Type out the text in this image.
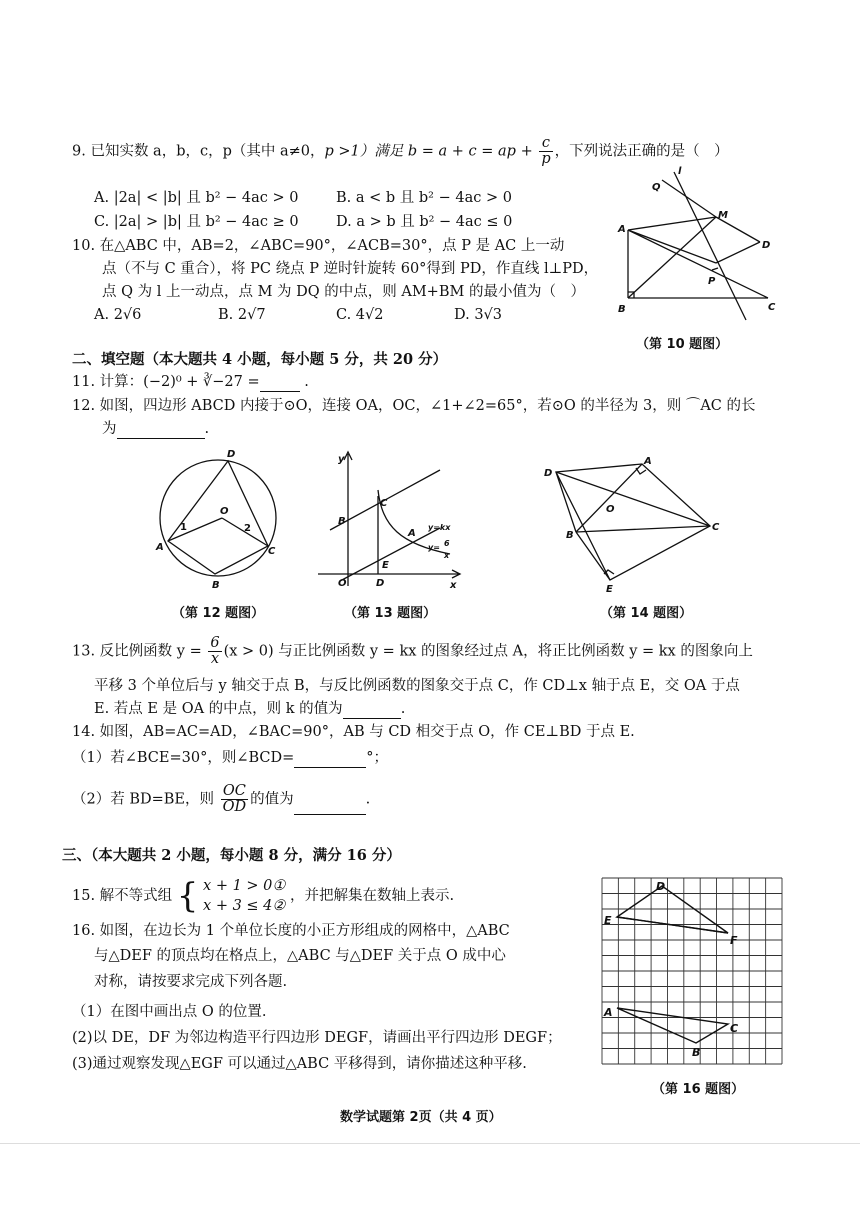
9. 已知实数 a，b，c，p（其中 a≠0，p >1）满足 b = a + c = ap + $\frac{c}{p}$ ，下列说法正确的是（　）
A. |2a| < |b| 且 b² − 4ac > 0	B. a < b 且 b² − 4ac > 0
C. |2a| > |b| 且 b² − 4ac ≥ 0	D. a > b 且 b² − 4ac ≤ 0
10. 在△ABC 中，AB=2，∠ABC=90°，∠ACB=30°，点 P 是 AC 上一动
点（不与 C 重合），将 PC 绕点 P 逆时针旋转 60°得到 PD，作直线 l⊥PD，
点 Q 为 l 上一动点，点 M 为 DQ 的中点，则 AM+BM 的最小值为（　）
A. 2√6	B. 2√7	C. 4√2	D. 3√3
l
Q
M
A
D
P
B	C
（第 10 题图）
二、填空题（本大题共 4 小题，每小题 5 分，共 20 分）
11. 计算：(−2)⁰ + ∛−27 =	.
12. 如图，四边形 ABCD 内接于⊙O，连接 OA，OC，∠1+∠2=65°，若⊙O 的半径为 3，则 ⌒AC 的长
为	.
D
O
1	2
A	C
B
（第 12 题图）
y
C
B
y=kx
A
y= 6
x
E
O	D	x
（第 13 题图）
D
A
O
B
C
E
（第 14 题图）
13. 反比例函数 $y = \frac{6}{x} (x > 0)$ 与正比例函数 y = kx 的图象经过点 A，将正比例函数 y = kx 的图象向上
平移 3 个单位后与 y 轴交于点 B，与反比例函数的图象交于点 C，作 CD⊥x 轴于点 E，交 OA 于点
E. 若点 E 是 OA 的中点，则 k 的值为	.
14. 如图，AB=AC=AD，∠BAC=90°，AB 与 CD 相交于点 O，作 CE⊥BD 于点 E.
（1）若∠BCE=30°，则∠BCD=	°；
（2）若 BD=BE，则 $\frac{OC}{OD}$ 的值为	.
三、（本大题共 2 小题，每小题 8 分，满分 16 分）
15. 解不等式组 { x + 1 > 0①
x + 3 ≤ 4②
，并把解集在数轴上表示.
16. 如图，在边长为 1 个单位长度的小正方形组成的网格中，△ABC
与△DEF 的顶点均在格点上，△ABC 与△DEF 关于点 O 成中心
对称，请按要求完成下列各题.
（1）在图中画出点 O 的位置.
(2)以 DE，DF 为邻边构造平行四边形 DEGF，请画出平行四边形 DEGF；
(3)通过观察发现△EGF 可以通过△ABC 平移得到，请你描述这种平移.
D
E
F
A
C
B
（第 16 题图）
数学试题第 2页（共 4 页）
